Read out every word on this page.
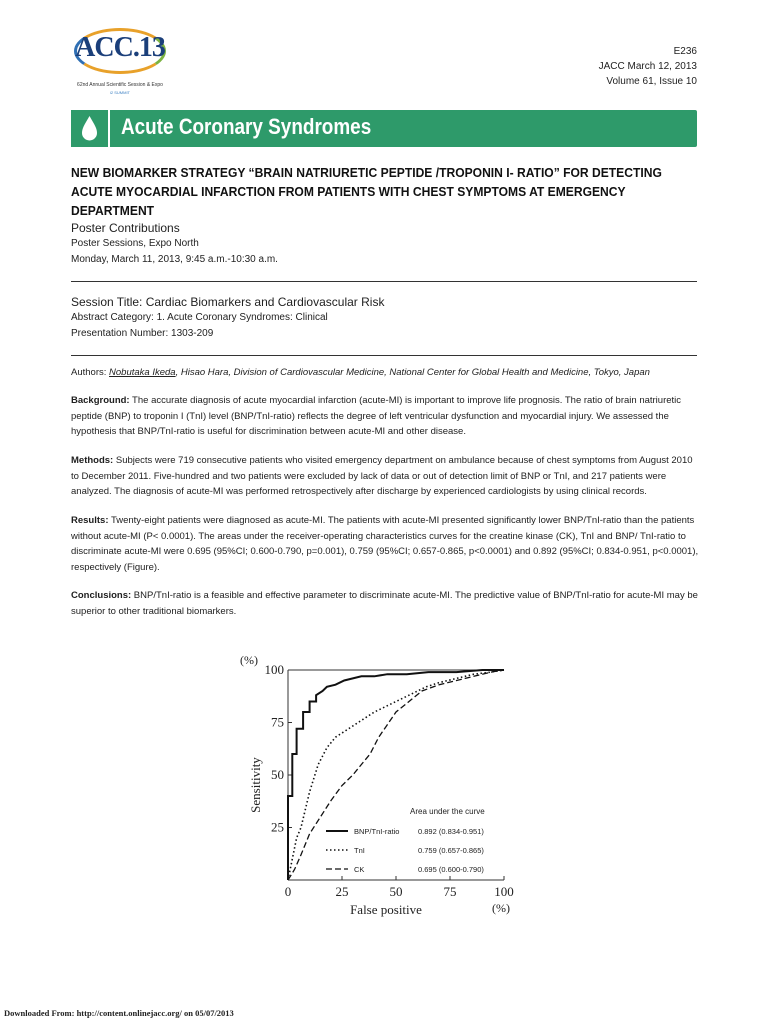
ACC.13
62nd Annual Scientific Session & Expo
i2 SUMMIT
E236
JACC March 12, 2013
Volume 61, Issue 10
Acute Coronary Syndromes
NEW BIOMARKER STRATEGY “BRAIN NATRIURETIC PEPTIDE /TROPONIN I- RATIO” FOR DETECTING ACUTE MYOCARDIAL INFARCTION FROM PATIENTS WITH CHEST SYMPTOMS AT EMERGENCY DEPARTMENT
Poster Contributions
Poster Sessions, Expo North
Monday, March 11, 2013, 9:45 a.m.-10:30 a.m.
Session Title: Cardiac Biomarkers and Cardiovascular Risk
Abstract Category: 1. Acute Coronary Syndromes: Clinical
Presentation Number: 1303-209
Authors: Nobutaka Ikeda, Hisao Hara, Division of Cardiovascular Medicine, National Center for Global Health and Medicine, Tokyo, Japan
Background: The accurate diagnosis of acute myocardial infarction (acute-MI) is important to improve life prognosis. The ratio of brain natriuretic peptide (BNP) to troponin I (TnI) level (BNP/TnI-ratio) reflects the degree of left ventricular dysfunction and myocardial injury. We assessed the hypothesis that BNP/TnI-ratio is useful for discrimination between acute-MI and other disease.
Methods: Subjects were 719 consecutive patients who visited emergency department on ambulance because of chest symptoms from August 2010 to December 2011. Five-hundred and two patients were excluded by lack of data or out of detection limit of BNP or TnI, and 217 patients were analyzed. The diagnosis of acute-MI was performed retrospectively after discharge by experienced cardiologists by using clinical records.
Results: Twenty-eight patients were diagnosed as acute-MI. The patients with acute-MI presented significantly lower BNP/TnI-ratio than the patients without acute-MI (P< 0.0001). The areas under the receiver-operating characteristics curves for the creatine kinase (CK), TnI and BNP/ TnI-ratio to discriminate acute-MI were 0.695 (95%CI; 0.600-0.790, p=0.001), 0.759 (95%CI; 0.657-0.865, p<0.0001) and 0.892 (95%CI; 0.834-0.951, p<0.0001), respectively (Figure).
Conclusions: BNP/TnI-ratio is a feasible and effective parameter to discriminate acute-MI. The predictive value of BNP/TnI-ratio for acute-MI may be superior to other traditional biomarkers.
0	25	50	75	100
25
50
75
100
(%)
(%)
False positive
Sensitivity	Area under the curve
BNP/TnI-ratio 0.892 (0.834-0.951)
TnI	0.759 (0.657-0.865)
CK	0.695 (0.600-0.790)
Downloaded From: http://content.onlinejacc.org/ on 05/07/2013
